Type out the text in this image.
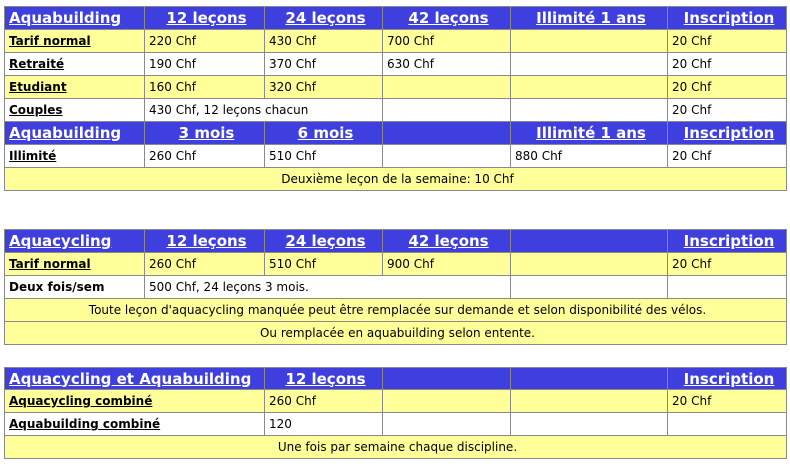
Aquabuilding	12 leçons	24 leçons	42 leçons	Illimité 1 ans	Inscription
Tarif normal	220 Chf	430 Chf	700 Chf		20 Chf
Retraité	190 Chf	370 Chf	630 Chf		20 Chf
Etudiant	160 Chf	320 Chf			20 Chf
Couples	430 Chf, 12 leçons chacun				20 Chf
Aquabuilding	3 mois	6 mois		Illimité 1 ans	Inscription
Illimité	260 Chf	510 Chf		880 Chf	20 Chf
Deuxième leçon de la semaine: 10 Chf					
Aquacycling	12 leçons	24 leçons	42 leçons		Inscription
Tarif normal	260 Chf	510 Chf	900 Chf		20 Chf
Deux fois/sem	500 Chf, 24 leçons 3 mois.				
Toute leçon d'aquacycling manquée peut être remplacée sur demande et selon disponibilité des vélos.					
Ou remplacée en aquabuilding selon entente.					
Aquacycling et Aquabuilding	12 leçons			Inscription
Aquacycling combiné	260 Chf			20 Chf
Aquabuilding combiné	120			
Une fois par semaine chaque discipline.				
